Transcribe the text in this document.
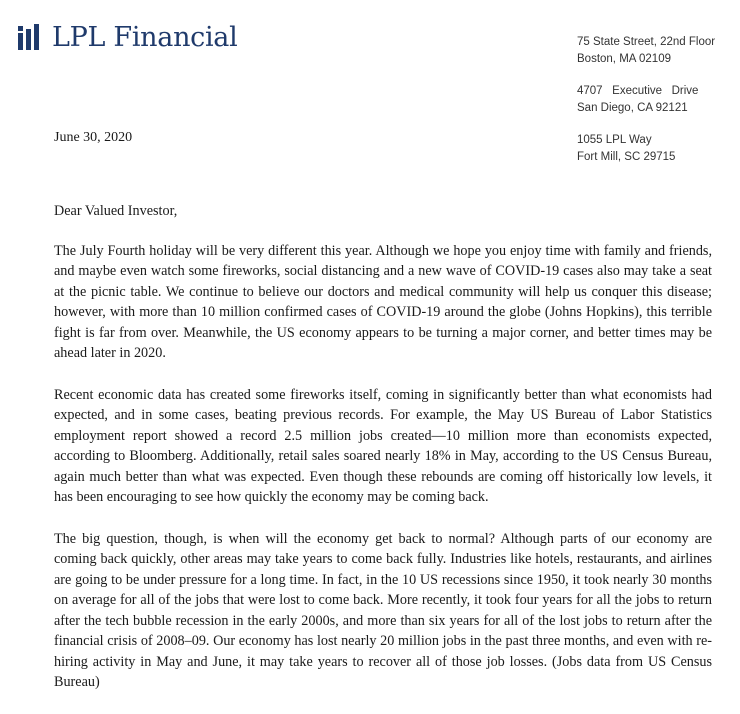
LPL Financial	75 State Street, 22nd Floor
Boston, MA 02109
4707   Executive   Drive
San Diego, CA 92121
1055 LPL Way
Fort Mill, SC 29715
June 30, 2020

Dear Valued Investor,

The July Fourth holiday will be very different this year. Although we hope you enjoy time with family and friends, and maybe even watch some fireworks, social distancing and a new wave of COVID-19 cases also may take a seat at the picnic table. We continue to believe our doctors and medical community will help us conquer this disease; however, with more than 10 million confirmed cases of COVID-19 around the globe (Johns Hopkins), this terrible fight is far from over. Meanwhile, the US economy appears to be turning a major corner, and better times may be ahead later in 2020.

Recent economic data has created some fireworks itself, coming in significantly better than what economists had expected, and in some cases, beating previous records. For example, the May US Bureau of Labor Statistics employment report showed a record 2.5 million jobs created—10 million more than economists expected, according to Bloomberg. Additionally, retail sales soared nearly 18% in May, according to the US Census Bureau, again much better than what was expected. Even though these rebounds are coming off historically low levels, it has been encouraging to see how quickly the economy may be coming back.

The big question, though, is when will the economy get back to normal? Although parts of our economy are coming back quickly, other areas may take years to come back fully. Industries like hotels, restaurants, and airlines are going to be under pressure for a long time. In fact, in the 10 US recessions since 1950, it took nearly 30 months on average for all of the jobs that were lost to come back. More recently, it took four years for all the jobs to return after the tech bubble recession in the early 2000s, and more than six years for all of the lost jobs to return after the financial crisis of 2008–09. Our economy has lost nearly 20 million jobs in the past three months, and even with re-hiring activity in May and June, it may take years to recover all of those job losses. (Jobs data from US Census Bureau)
